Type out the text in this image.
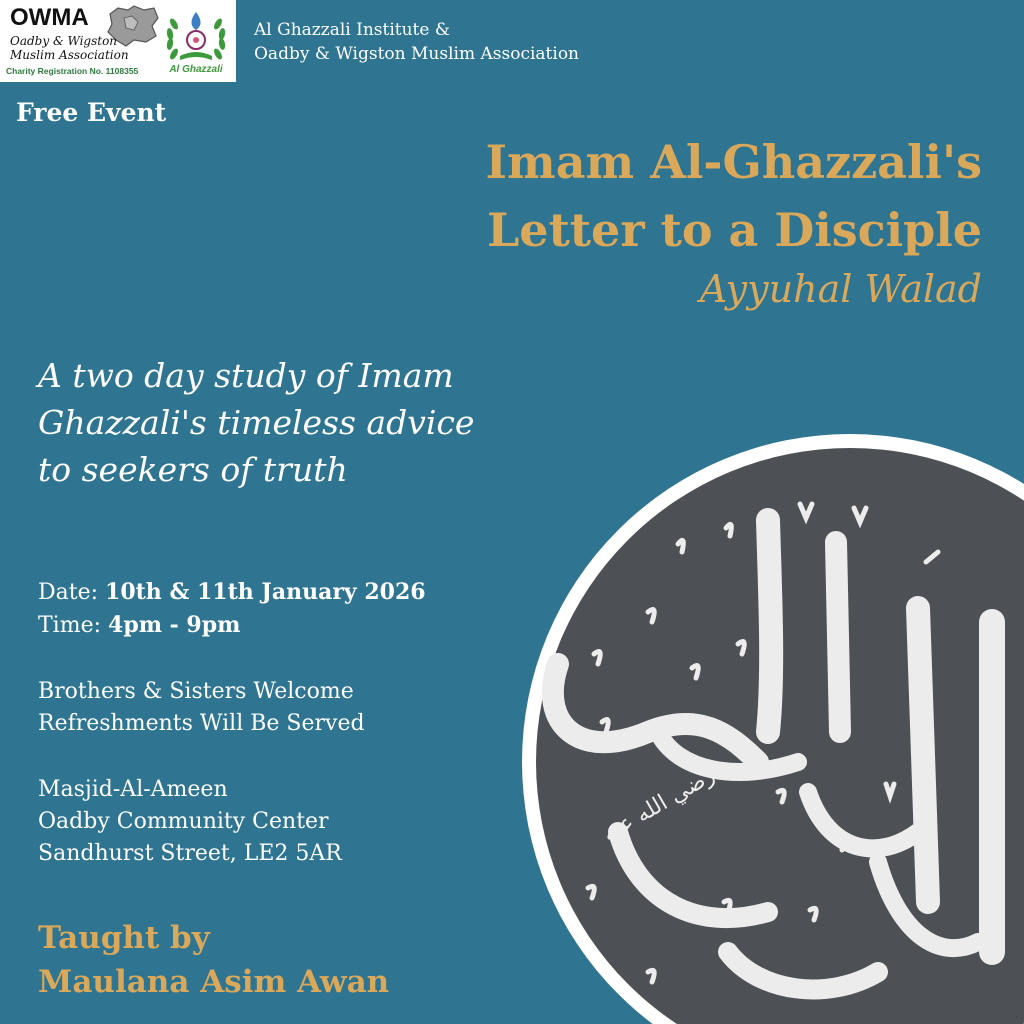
OWMA
Oadby & Wigston
Muslim Association
Charity Registration No. 1108355	Al Ghazzali
Al Ghazzali Institute &
Oadby & Wigston Muslim Association
Free Event
Imam Al-Ghazzali's
Letter to a Disciple
Ayyuhal Walad
A two day study of Imam
Ghazzali's timeless advice
to seekers of truth
Date: 10th & 11th January 2026
Time: 4pm - 9pm
Brothers & Sisters Welcome
Refreshments Will Be Served
Masjid-Al-Ameen
Oadby Community Center
Sandhurst Street, LE2 5AR
Taught by
Maulana Asim Awan
رضي الله عنه
